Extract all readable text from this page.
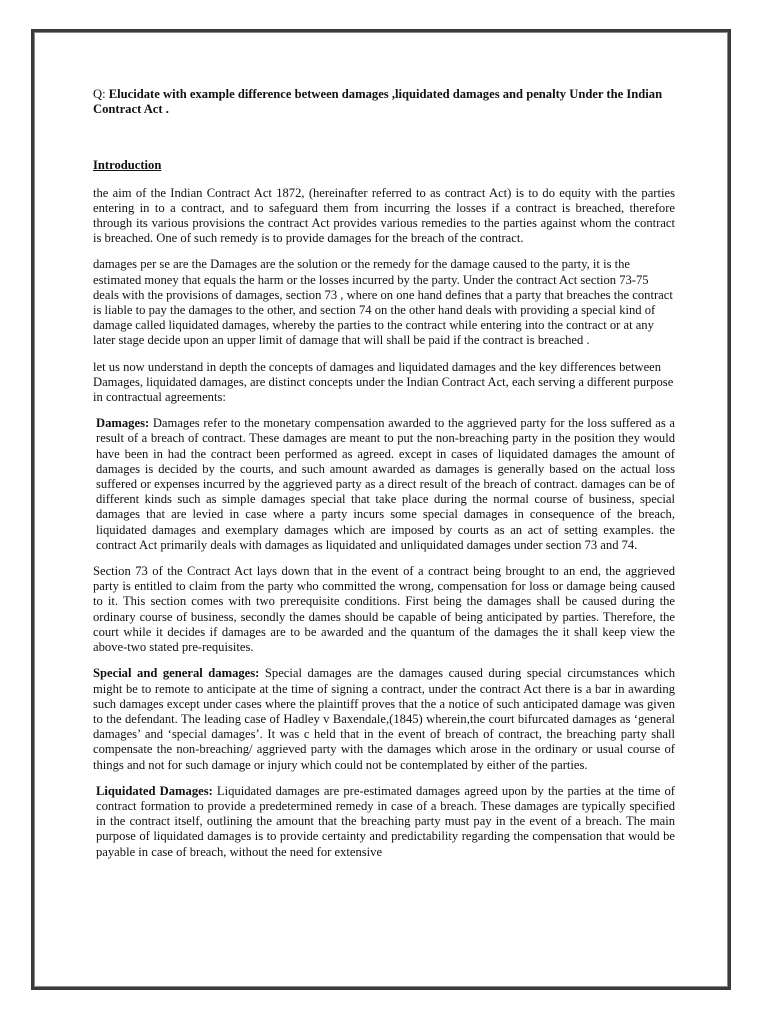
Q: Elucidate with example difference between damages ,liquidated damages and penalty Under the Indian Contract Act .

Introduction

the aim of the Indian Contract Act 1872, (hereinafter referred to as contract Act) is to do equity with the parties entering in to a contract, and to safeguard them from incurring the losses if a contract is breached, therefore through its various provisions the contract Act provides various remedies to the parties against whom the contract is breached. One of such remedy is to provide damages for the breach of the contract.

damages per se are the Damages are the solution or the remedy for the damage caused to the party, it is the estimated money that equals the harm or the losses incurred by the party. Under the contract Act section 73-75 deals with the provisions of damages, section 73 , where on one hand defines that a party that breaches the contract is liable to pay the damages to the other, and section 74 on the other hand deals with providing a special kind of damage called liquidated damages, whereby the parties to the contract while entering into the contract or at any later stage decide upon an upper limit of damage that will shall be paid if the contract is breached .

let us now understand in depth the concepts of damages and liquidated damages and the key differences between Damages, liquidated damages, are distinct concepts under the Indian Contract Act, each serving a different purpose in contractual agreements:

Damages: Damages refer to the monetary compensation awarded to the aggrieved party for the loss suffered as a result of a breach of contract. These damages are meant to put the non-breaching party in the position they would have been in had the contract been performed as agreed. except in cases of liquidated damages the amount of damages is decided by the courts, and such amount awarded as damages is generally based on the actual loss suffered or expenses incurred by the aggrieved party as a direct result of the breach of contract. damages can be of different kinds such as simple damages special that take place during the normal course of business, special damages that are levied in case where a party incurs some special damages in consequence of the breach, liquidated damages and exemplary damages which are imposed by courts as an act of setting examples. the contract Act primarily deals with damages as liquidated and unliquidated damages under section 73 and 74.

Section 73 of the Contract Act lays down that in the event of a contract being brought to an end, the aggrieved party is entitled to claim from the party who committed the wrong, compensation for loss or damage being caused to it. This section comes with two prerequisite conditions. First being the damages shall be caused during the ordinary course of business, secondly the dames should be capable of being anticipated by parties. Therefore, the court while it decides if damages are to be awarded and the quantum of the damages the it shall keep view the above-two stated pre-requisites.

Special and general damages: Special damages are the damages caused during special circumstances which might be to remote to anticipate at the time of signing a contract, under the contract Act there is a bar in awarding such damages except under cases where the plaintiff proves that the a notice of such anticipated damage was given to the defendant. The leading case of Hadley v Baxendale,(1845) wherein,the court bifurcated damages as ‘general damages’ and ‘special damages’. It was c held that in the event of breach of contract, the breaching party shall compensate the non-breaching/ aggrieved party with the damages which arose in the ordinary or usual course of things and not for such damage or injury which could not be contemplated by either of the parties.

Liquidated Damages: Liquidated damages are pre-estimated damages agreed upon by the parties at the time of contract formation to provide a predetermined remedy in case of a breach. These damages are typically specified in the contract itself, outlining the amount that the breaching party must pay in the event of a breach. The main purpose of liquidated damages is to provide certainty and predictability regarding the compensation that would be payable in case of breach, without the need for extensive
